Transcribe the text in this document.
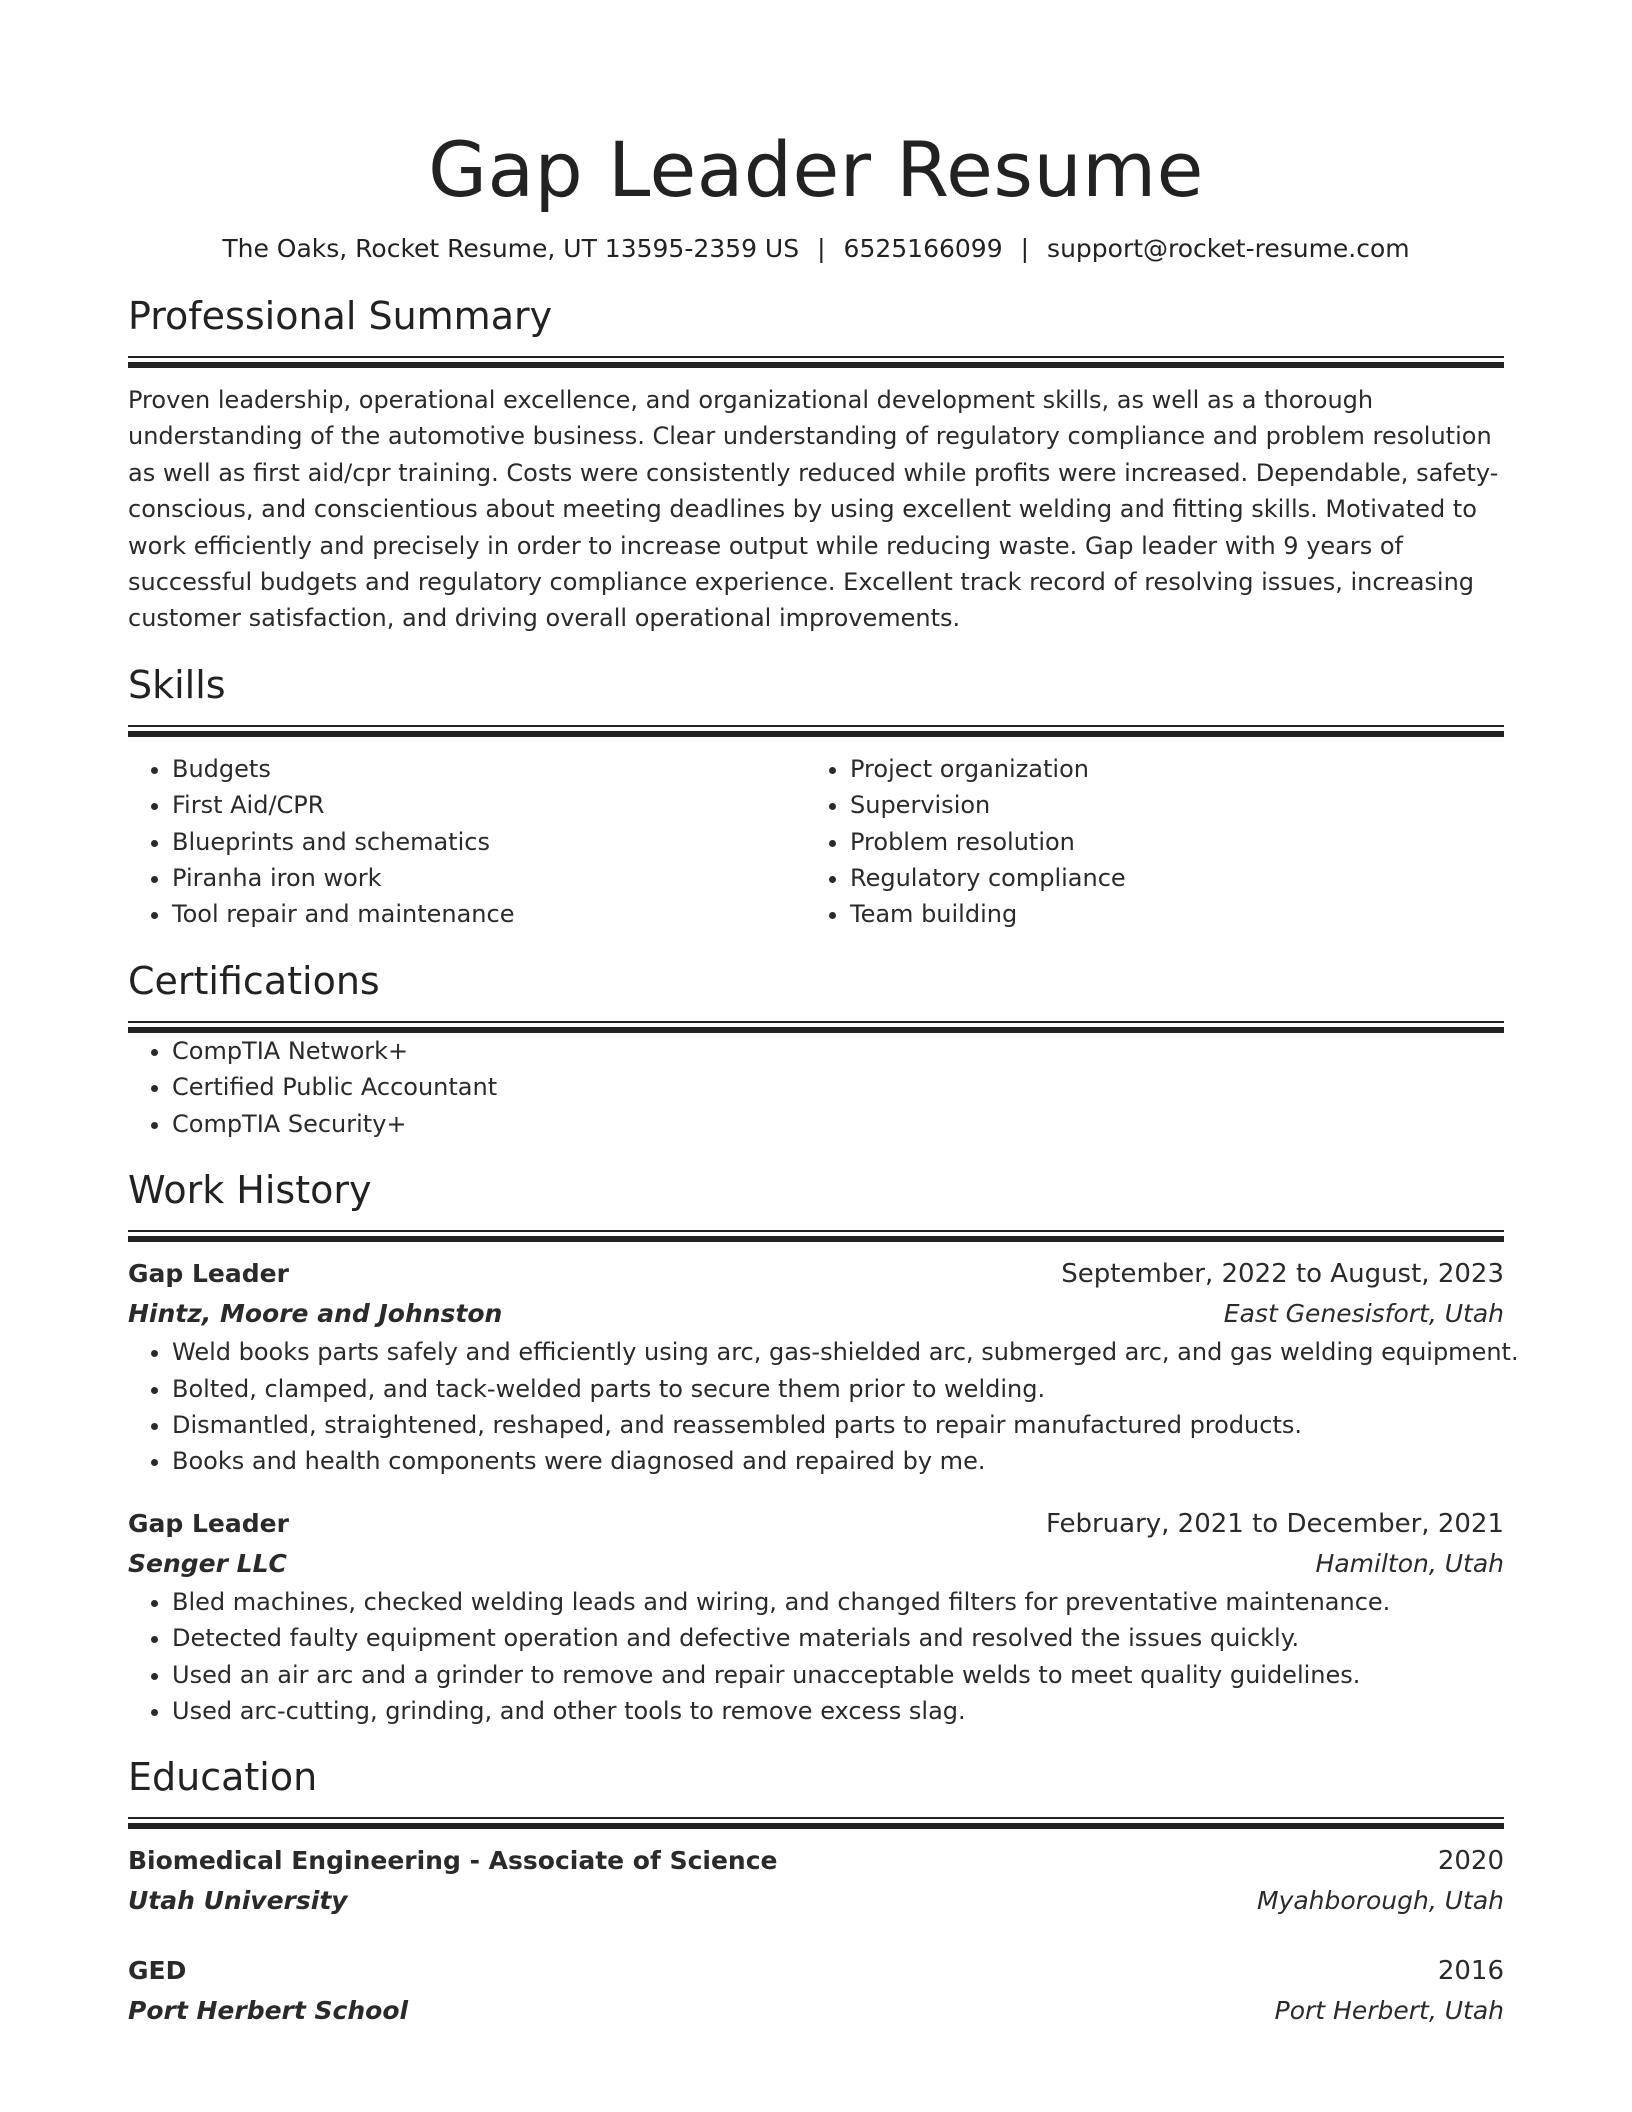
Gap Leader Resume
The Oaks, Rocket Resume, UT 13595-2359 US | 6525166099 | support@rocket-resume.com
Professional Summary
Proven leadership, operational excellence, and organizational development skills, as well as a thorough understanding of the automotive business. Clear understanding of regulatory compliance and problem resolution as well as first aid/cpr training. Costs were consistently reduced while profits were increased. Dependable, safety-conscious, and conscientious about meeting deadlines by using excellent welding and fitting skills. Motivated to work efficiently and precisely in order to increase output while reducing waste. Gap leader with 9 years of successful budgets and regulatory compliance experience. Excellent track record of resolving issues, increasing customer satisfaction, and driving overall operational improvements.
Skills
• Budgets
• First Aid/CPR
• Blueprints and schematics
• Piranha iron work
• Tool repair and maintenance
• Project organization
• Supervision
• Problem resolution
• Regulatory compliance
• Team building
Certifications
• CompTIA Network+
• Certified Public Accountant
• CompTIA Security+
Work History
Gap Leader	September, 2022 to August, 2023
Hintz, Moore and Johnston	East Genesisfort, Utah
• Weld books parts safely and efficiently using arc, gas-shielded arc, submerged arc, and gas welding equipment.
• Bolted, clamped, and tack-welded parts to secure them prior to welding.
• Dismantled, straightened, reshaped, and reassembled parts to repair manufactured products.
• Books and health components were diagnosed and repaired by me.
Gap Leader	February, 2021 to December, 2021
Senger LLC	Hamilton, Utah
• Bled machines, checked welding leads and wiring, and changed filters for preventative maintenance.
• Detected faulty equipment operation and defective materials and resolved the issues quickly.
• Used an air arc and a grinder to remove and repair unacceptable welds to meet quality guidelines.
• Used arc-cutting, grinding, and other tools to remove excess slag.
Education
Biomedical Engineering - Associate of Science	2020
Utah University	Myahborough, Utah
GED	2016
Port Herbert School	Port Herbert, Utah
